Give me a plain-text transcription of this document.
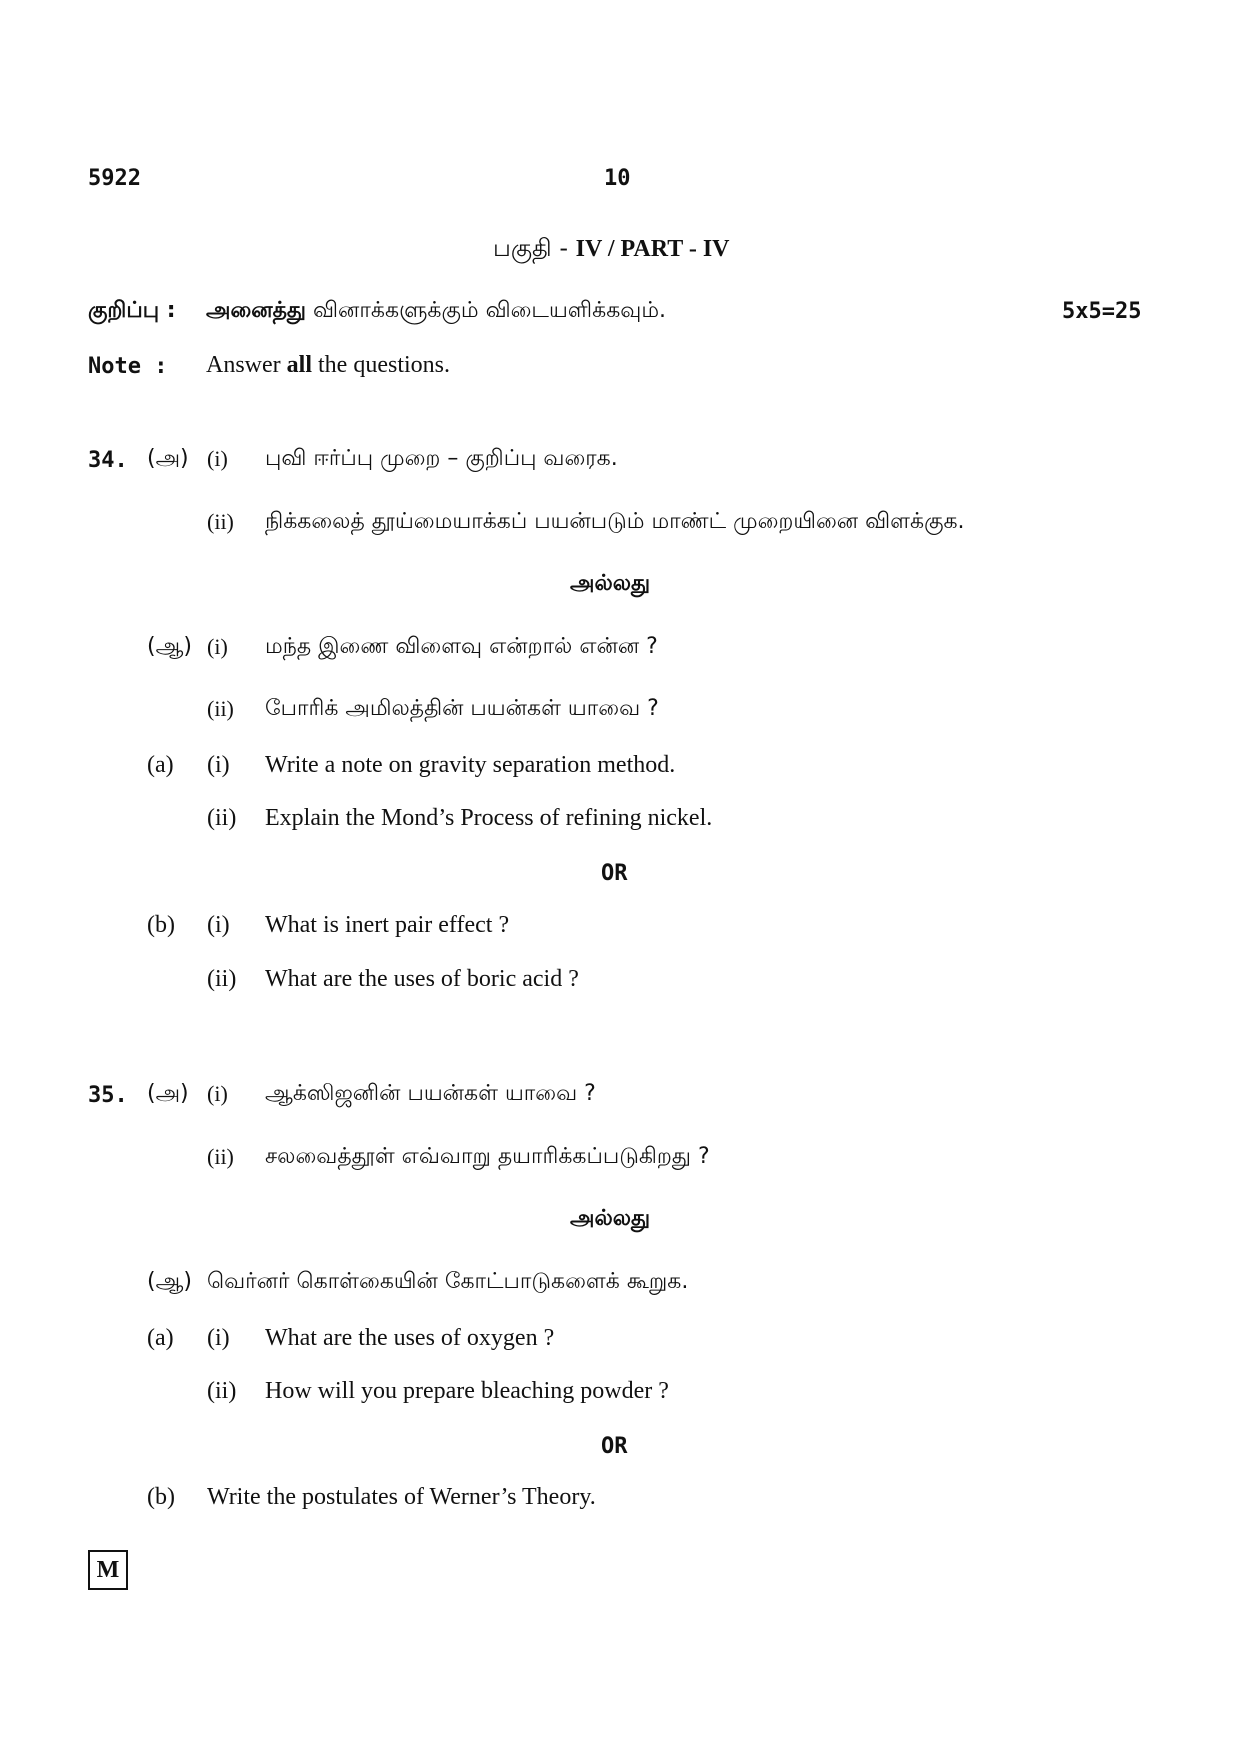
5922	10
பகுதி - IV / PART - IV
குறிப்பு : அனைத்து வினாக்களுக்கும் விடையளிக்கவும்.	5x5=25
Note : Answer all the questions.
34. (அ) (i) புவி ஈர்ப்பு முறை – குறிப்பு வரைக.
(ii) நிக்கலைத் தூய்மையாக்கப் பயன்படும் மாண்ட் முறையினை விளக்குக.
அல்லது
(ஆ) (i) மந்த இணை விளைவு என்றால் என்ன ?
(ii) போரிக் அமிலத்தின் பயன்கள் யாவை ?
(a) (i) Write a note on gravity separation method.
(ii) Explain the Mond’s Process of refining nickel.
OR
(b) (i) What is inert pair effect ?
(ii) What are the uses of boric acid ?
35. (அ) (i) ஆக்ஸிஜனின் பயன்கள் யாவை ?
(ii) சலவைத்தூள் எவ்வாறு தயாரிக்கப்படுகிறது ?
அல்லது
(ஆ) வெர்னர் கொள்கையின் கோட்பாடுகளைக் கூறுக.
(a) (i) What are the uses of oxygen ?
(ii) How will you prepare bleaching powder ?
OR
(b) Write the postulates of Werner’s Theory.
M
